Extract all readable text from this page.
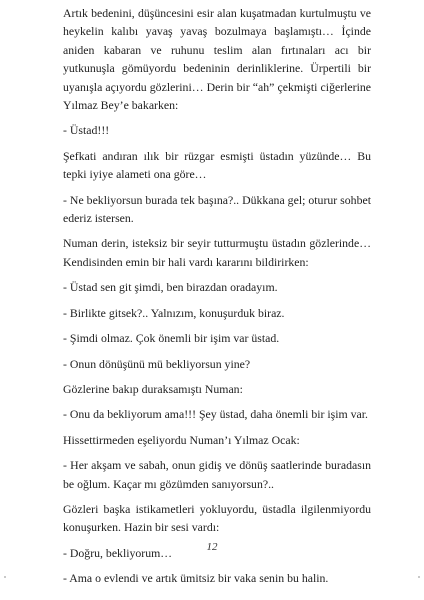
Artık bedenini, düşüncesini esir alan kuşatmadan kurtulmuştu ve heykelin kalıbı yavaş yavaş bozulmaya başlamıştı… İçinde aniden kabaran ve ruhunu teslim alan fırtınaları acı bir yutkunuşla gömüyordu bedeninin derinliklerine. Ürpertili bir uyanışla açıyordu gözlerini… Derin bir “ah” çekmişti ciğerlerine Yılmaz Bey’e bakarken:

- Üstad!!!

Şefkati andıran ılık bir rüzgar esmişti üstadın yüzünde… Bu tepki iyiye alameti ona göre…

- Ne bekliyorsun burada tek başına?.. Dükkana gel; oturur sohbet ederiz istersen.

Numan derin, isteksiz bir seyir tutturmuştu üstadın gözlerinde… Kendisinden emin bir hali vardı kararını bildirirken:

- Üstad sen git şimdi, ben birazdan oradayım.

- Birlikte gitsek?.. Yalnızım, konuşurduk biraz.

- Şimdi olmaz. Çok önemli bir işim var üstad.

- Onun dönüşünü mü bekliyorsun yine?

Gözlerine bakıp duraksamıştı Numan:

- Onu da bekliyorum ama!!! Şey üstad, daha önemli bir işim var.

Hissettirmeden eşeliyordu Numan’ı Yılmaz Ocak:

- Her akşam ve sabah, onun gidiş ve dönüş saatlerinde buradasın be oğlum. Kaçar mı gözümden sanıyorsun?..

Gözleri başka istikametleri yokluyordu, üstadla ilgilenmiyordu konuşurken. Hazin bir sesi vardı:

- Doğru, bekliyorum…

- Ama o evlendi ve artık ümitsiz bir vaka senin bu halin.

12
